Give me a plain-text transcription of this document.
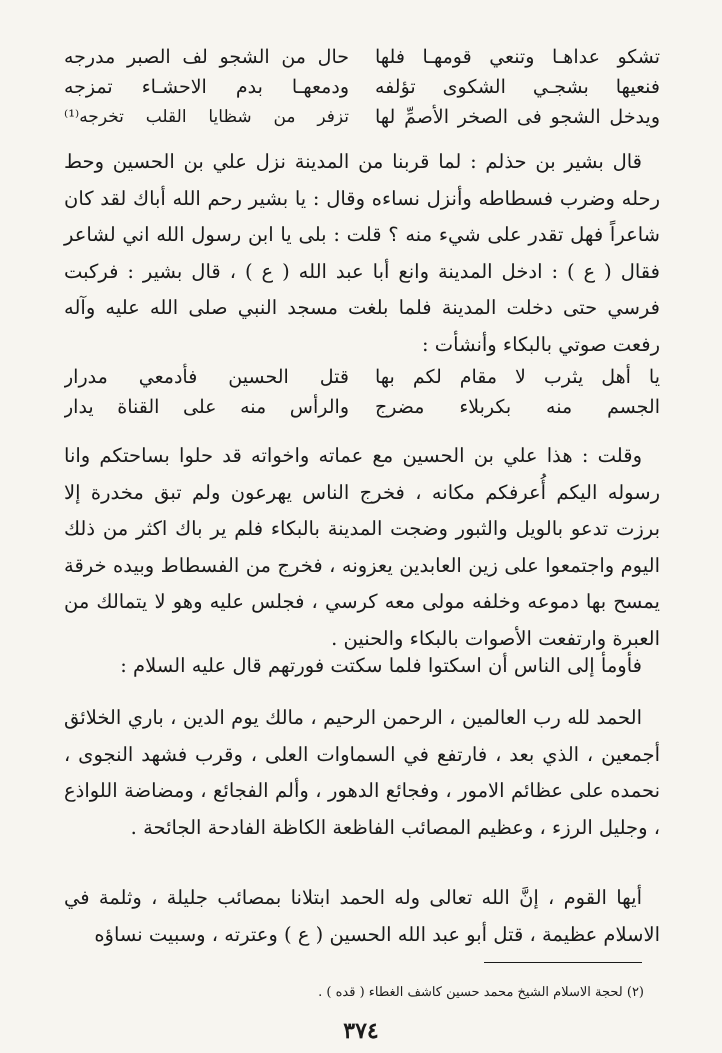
تشكو عداهـا وتنعي قومهـا فلها
حال من الشجو لف الصبر مدرجه
فنعيها بشجـي الشكوى تؤلفه
ودمعهـا بدم الاحشـاء تمزجه
ويدخل الشجو فى الصخر الأصمِّ لها
تزفر من شظايا القلب تخرجه⁽¹⁾
قال بشير بن حذلم : لما قربنا من المدينة نزل علي بن الحسين وحط رحله وضرب فسطاطه وأنزل نساءه وقال : يا بشير رحم الله أباك لقد كان شاعراً فهل تقدر على شيء منه ؟ قلت : بلى يا ابن رسول الله اني لشاعر فقال ( ع ) : ادخل المدينة وانع أبا عبد الله ( ع ) ، قال بشير : فركبت فرسي حتى دخلت المدينة فلما بلغت مسجد النبي صلى الله عليه وآله رفعت صوتي بالبكاء وأنشأت :
يا أهل يثرب لا مقام لكم بها
قتل الحسين فأدمعي مدرار
الجسم منه بكربلاء مضرج
والرأس منه على القناة يدار
وقلت : هذا علي بن الحسين مع عماته واخواته قد حلوا بساحتكم وانا رسوله اليكم أُعرفكم مكانه ، فخرج الناس يهرعون ولم تبق مخدرة إلا برزت تدعو بالويل والثبور وضجت المدينة بالبكاء فلم ير باك اكثر من ذلك اليوم واجتمعوا على زين العابدين يعزونه ، فخرج من الفسطاط وبيده خرقة يمسح بها دموعه وخلفه مولى معه كرسي ، فجلس عليه وهو لا يتمالك من العبرة وارتفعت الأصوات بالبكاء والحنين .
فأومأ إلى الناس أن اسكتوا فلما سكتت فورتهم قال عليه السلام :
الحمد لله رب العالمين ، الرحمن الرحيم ، مالك يوم الدين ، باري الخلائق أجمعين ، الذي بعد ، فارتفع في السماوات العلى ، وقرب فشهد النجوى ، نحمده على عظائم الامور ، وفجائع الدهور ، وألم الفجائع ، ومضاضة اللواذع ، وجليل الرزء ، وعظيم المصائب الفاظعة الكاظة الفادحة الجائحة .
أيها القوم ، إنَّ الله تعالى وله الحمد ابتلانا بمصائب جليلة ، وثلمة في الاسلام عظيمة ، قتل أبو عبد الله الحسين ( ع ) وعترته ، وسبيت نساؤه
(٢) لحجة الاسلام الشيخ محمد حسين كاشف الغطاء ( قده ) .
٣٧٤
